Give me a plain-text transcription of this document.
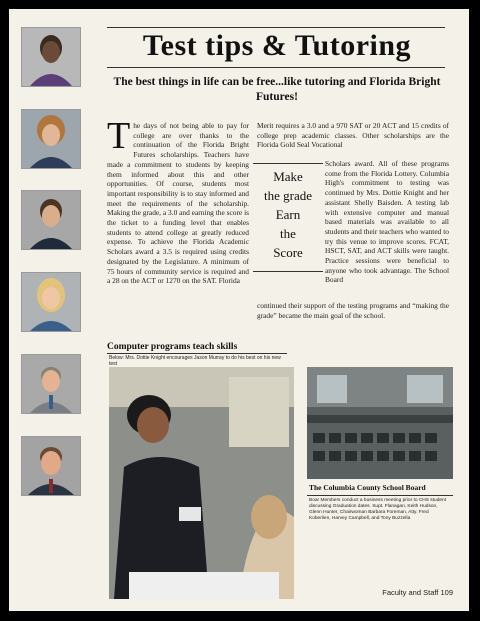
Test tips & Tutoring
The best things in life can be free...like tutoring and Florida Bright Futures!
The days of not being able to pay for college are over thanks to the continuation of the Florida Bright Futures scholarships. Teachers have made a commitment to students by keeping them informed about this and other opportunities. Of course, students most important responsibility is to stay informed and meet the requirements of the scholarship. Making the grade, a 3.0 and earning the score is the ticket to a funding level that enables students to attend college at greatly reduced expense. To achieve the Florida Academic Scholars award a 3.5 is required using credits designated by the Legislature. A minimum of 75 hours of community service is required and a 28 on the ACT or 1270 on the SAT. Florida
Merit requires a 3.0 and a 970 SAT or 20 ACT and 15 credits of college prep academic classes. Other scholarships are the Florida Gold Seal Vocational
Make
the grade
Earn
the
Score
Scholars award. All of these programs come from the Florida Lottery. Columbia High's commitment to testing was continued by Mrs. Dottie Knight and her assistant Shelly Baisden. A testing lab with extensive computer and manual based materials was available to all students and their teachers who wanted to try this venue to improve scores. FCAT, HSCT, SAT, and ACT skills were taught. Practice sessions were beneficial to anyone who took advantage. The School Board
continued their support of the testing programs and “making the grade” became the main goal of the school.
Computer programs teach skills
Below: Mrs. Dottie Knight encourages Jason Murray to do his best on his new test
The Columbia County School Board
Boar Members conduct a business meeting prior to CHS student discussing Graduation dates. Supt. Flanagan, Keith Hudson, Glenn Hunter, Chairwoman Barbara Foreman, Atty. Fred Koberlien, Harvey Campbell, and Tony Buzzella
Faculty and Staff 109
